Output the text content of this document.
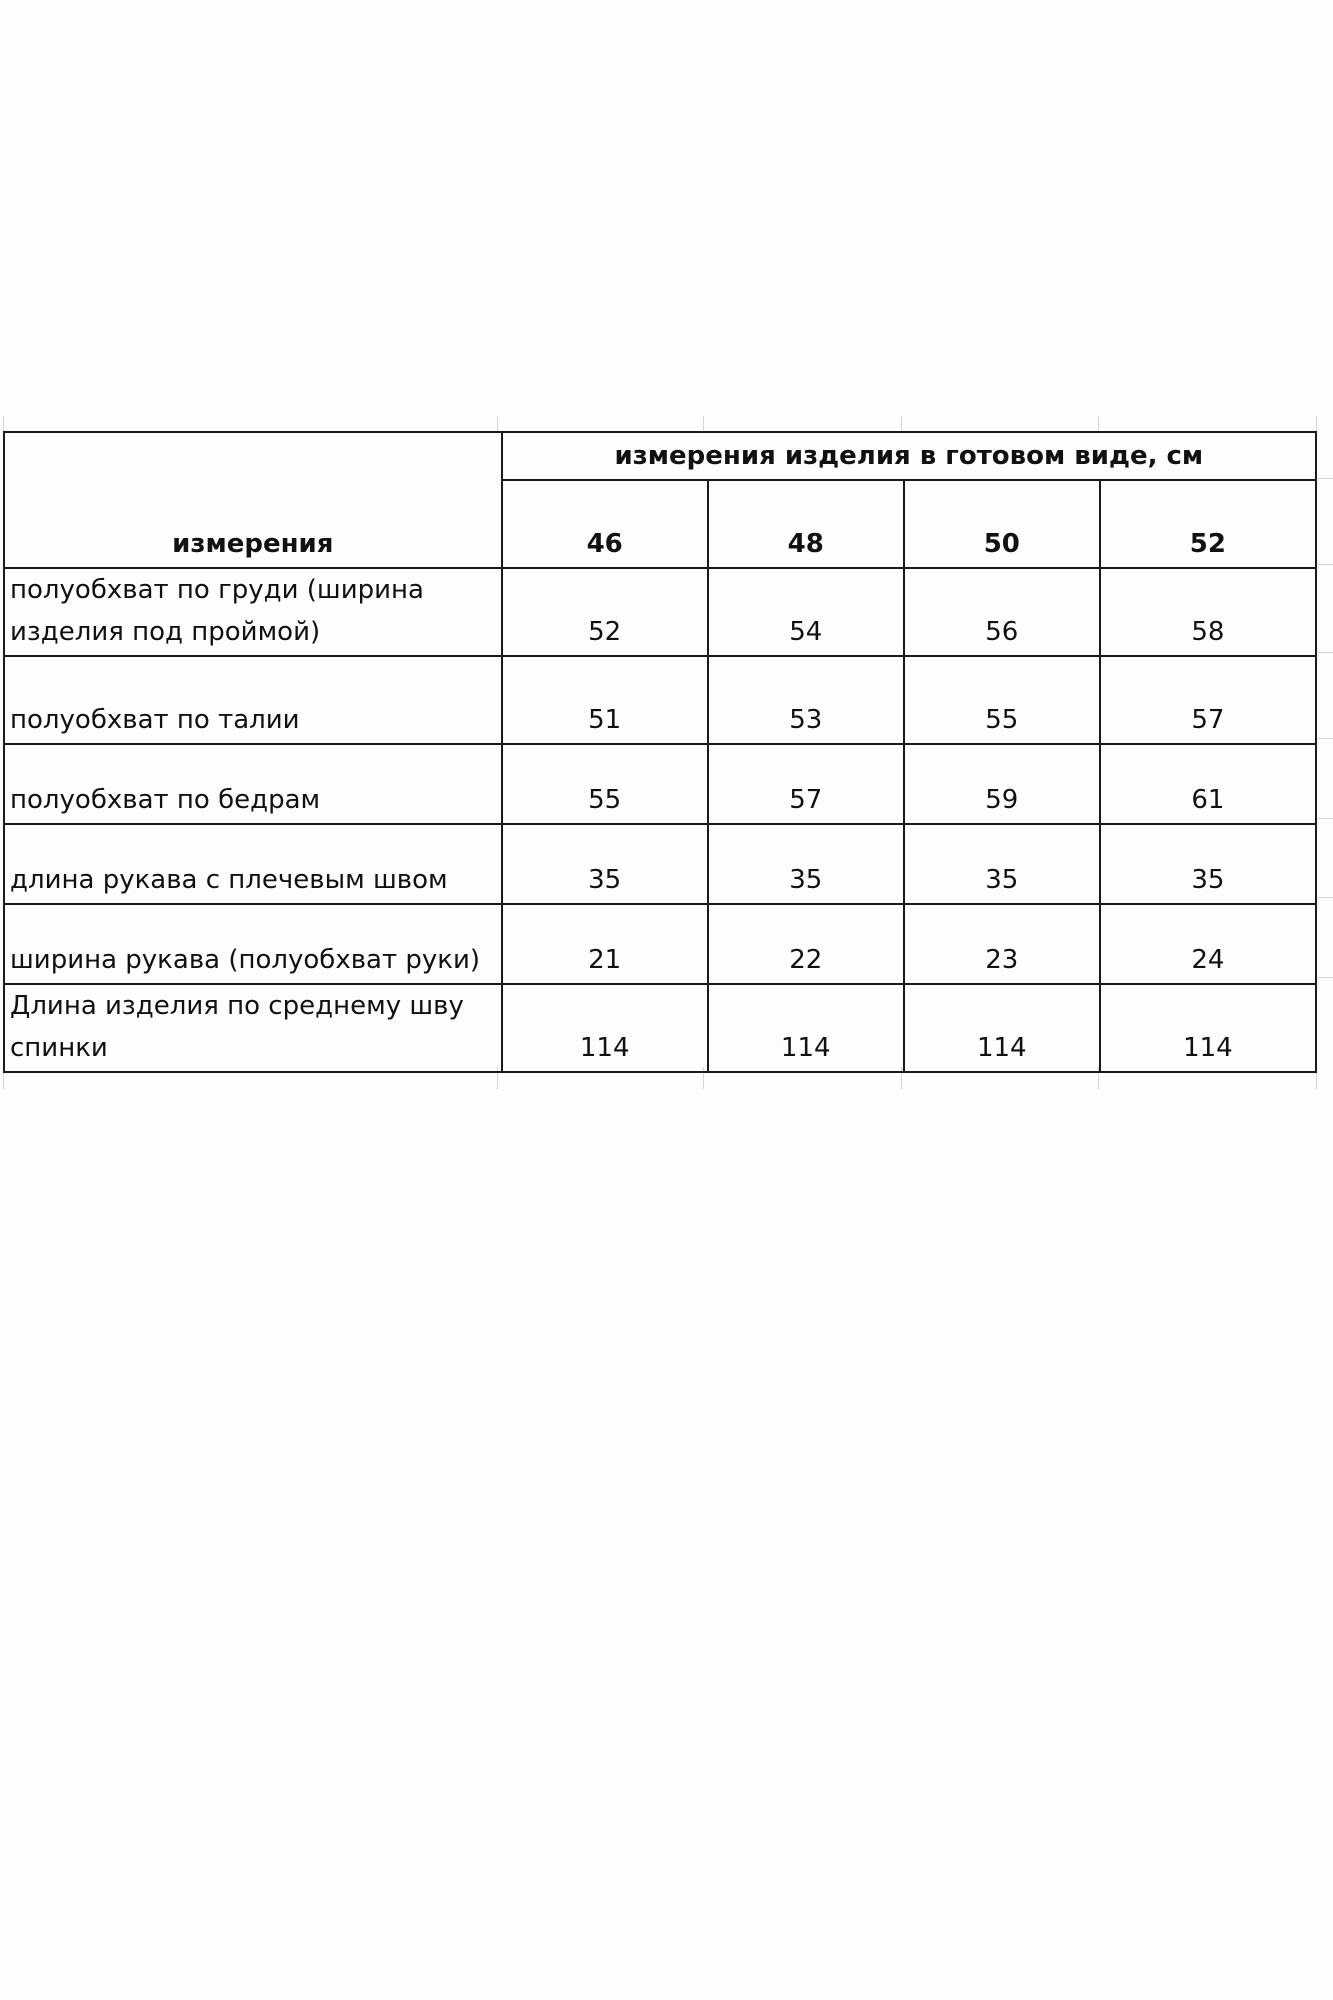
измерения	измерения изделия в готовом виде, см			
	46	48	50	52
полуобхват по груди (ширина изделия под проймой)	52	54	56	58
полуобхват по талии	51	53	55	57
полуобхват по бедрам	55	57	59	61
длина рукава с плечевым швом	35	35	35	35
ширина рукава (полуобхват руки)	21	22	23	24
Длина изделия по среднему шву спинки	114	114	114	114
